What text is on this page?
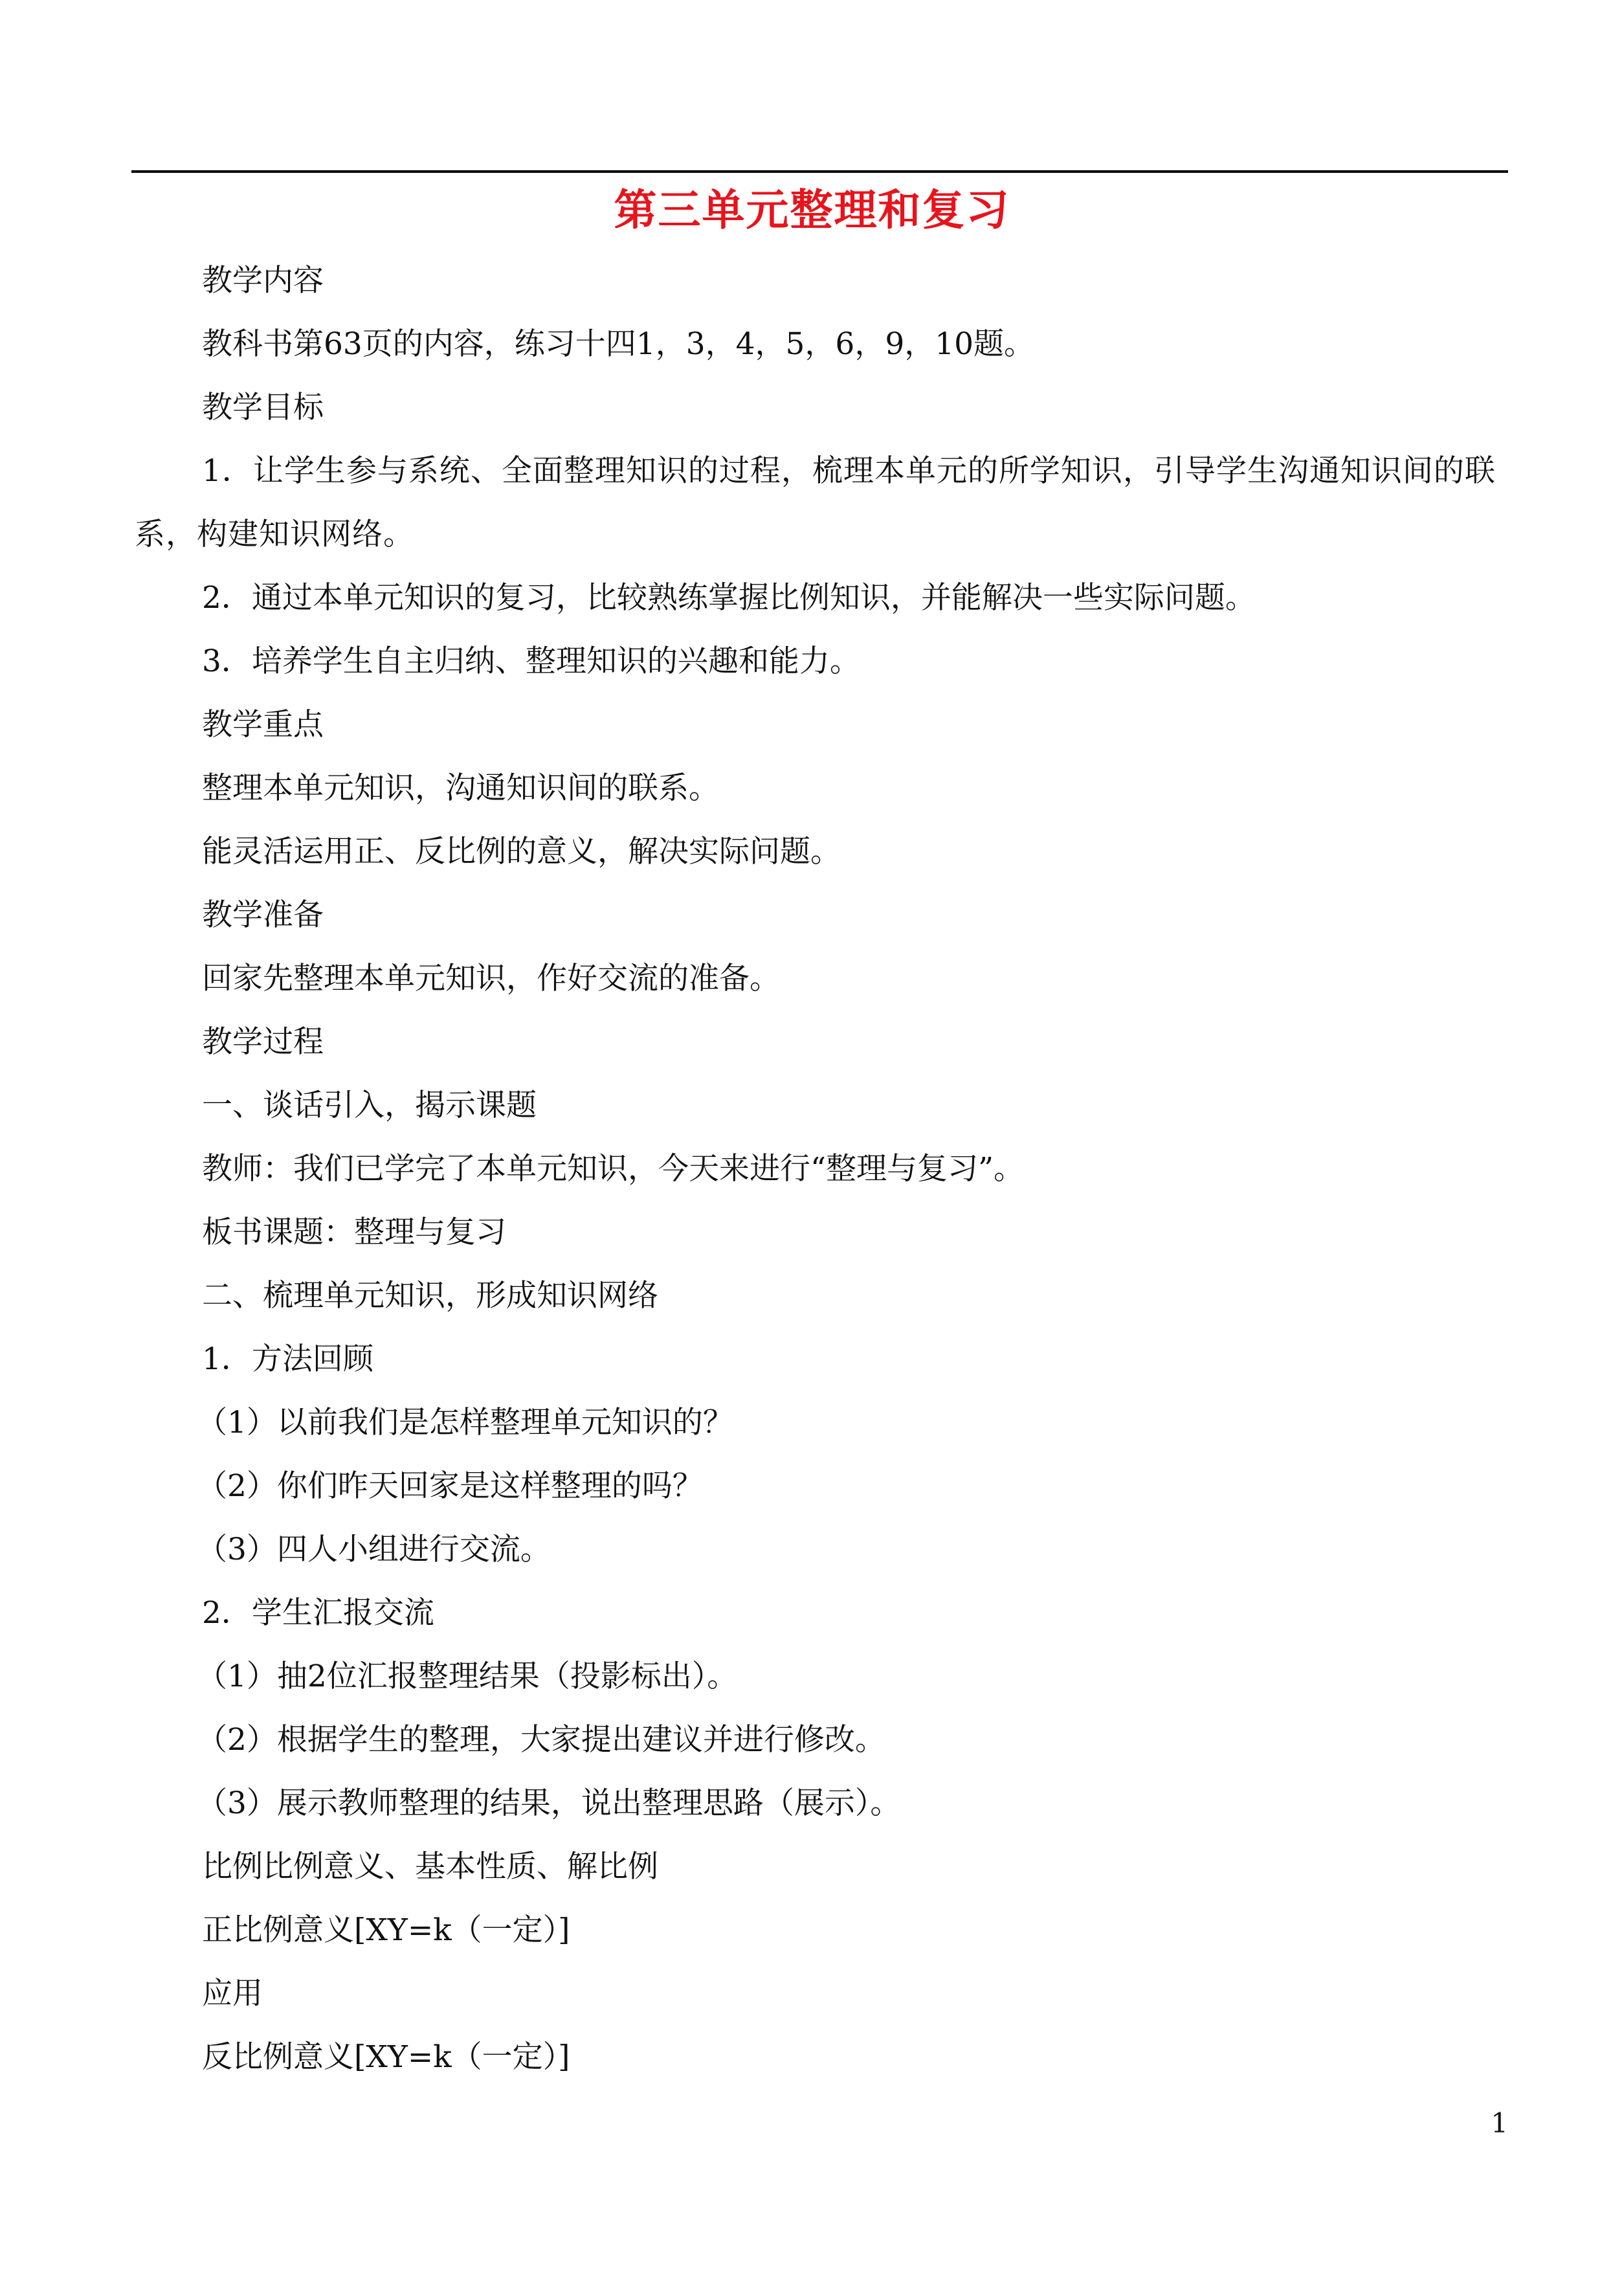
第三单元整理和复习

教学内容

教科书第63页的内容，练习十四1，3，4，5，6，9，10题。

教学目标

1．让学生参与系统、全面整理知识的过程，梳理本单元的所学知识，引导学生沟通知识间的联系，构建知识网络。

2．通过本单元知识的复习，比较熟练掌握比例知识，并能解决一些实际问题。

3．培养学生自主归纳、整理知识的兴趣和能力。

教学重点

整理本单元知识，沟通知识间的联系。

能灵活运用正、反比例的意义，解决实际问题。

教学准备

回家先整理本单元知识，作好交流的准备。

教学过程

一、谈话引入，揭示课题

教师：我们已学完了本单元知识，今天来进行“整理与复习”。

板书课题：整理与复习

二、梳理单元知识，形成知识网络

1．方法回顾

（1）以前我们是怎样整理单元知识的？

（2）你们昨天回家是这样整理的吗？

（3）四人小组进行交流。

2．学生汇报交流

（1）抽2位汇报整理结果（投影标出）。

（2）根据学生的整理，大家提出建议并进行修改。

（3）展示教师整理的结果，说出整理思路（展示）。

比例比例意义、基本性质、解比例

正比例意义[XY=k（一定）]

应用

反比例意义[XY=k（一定）]

1
